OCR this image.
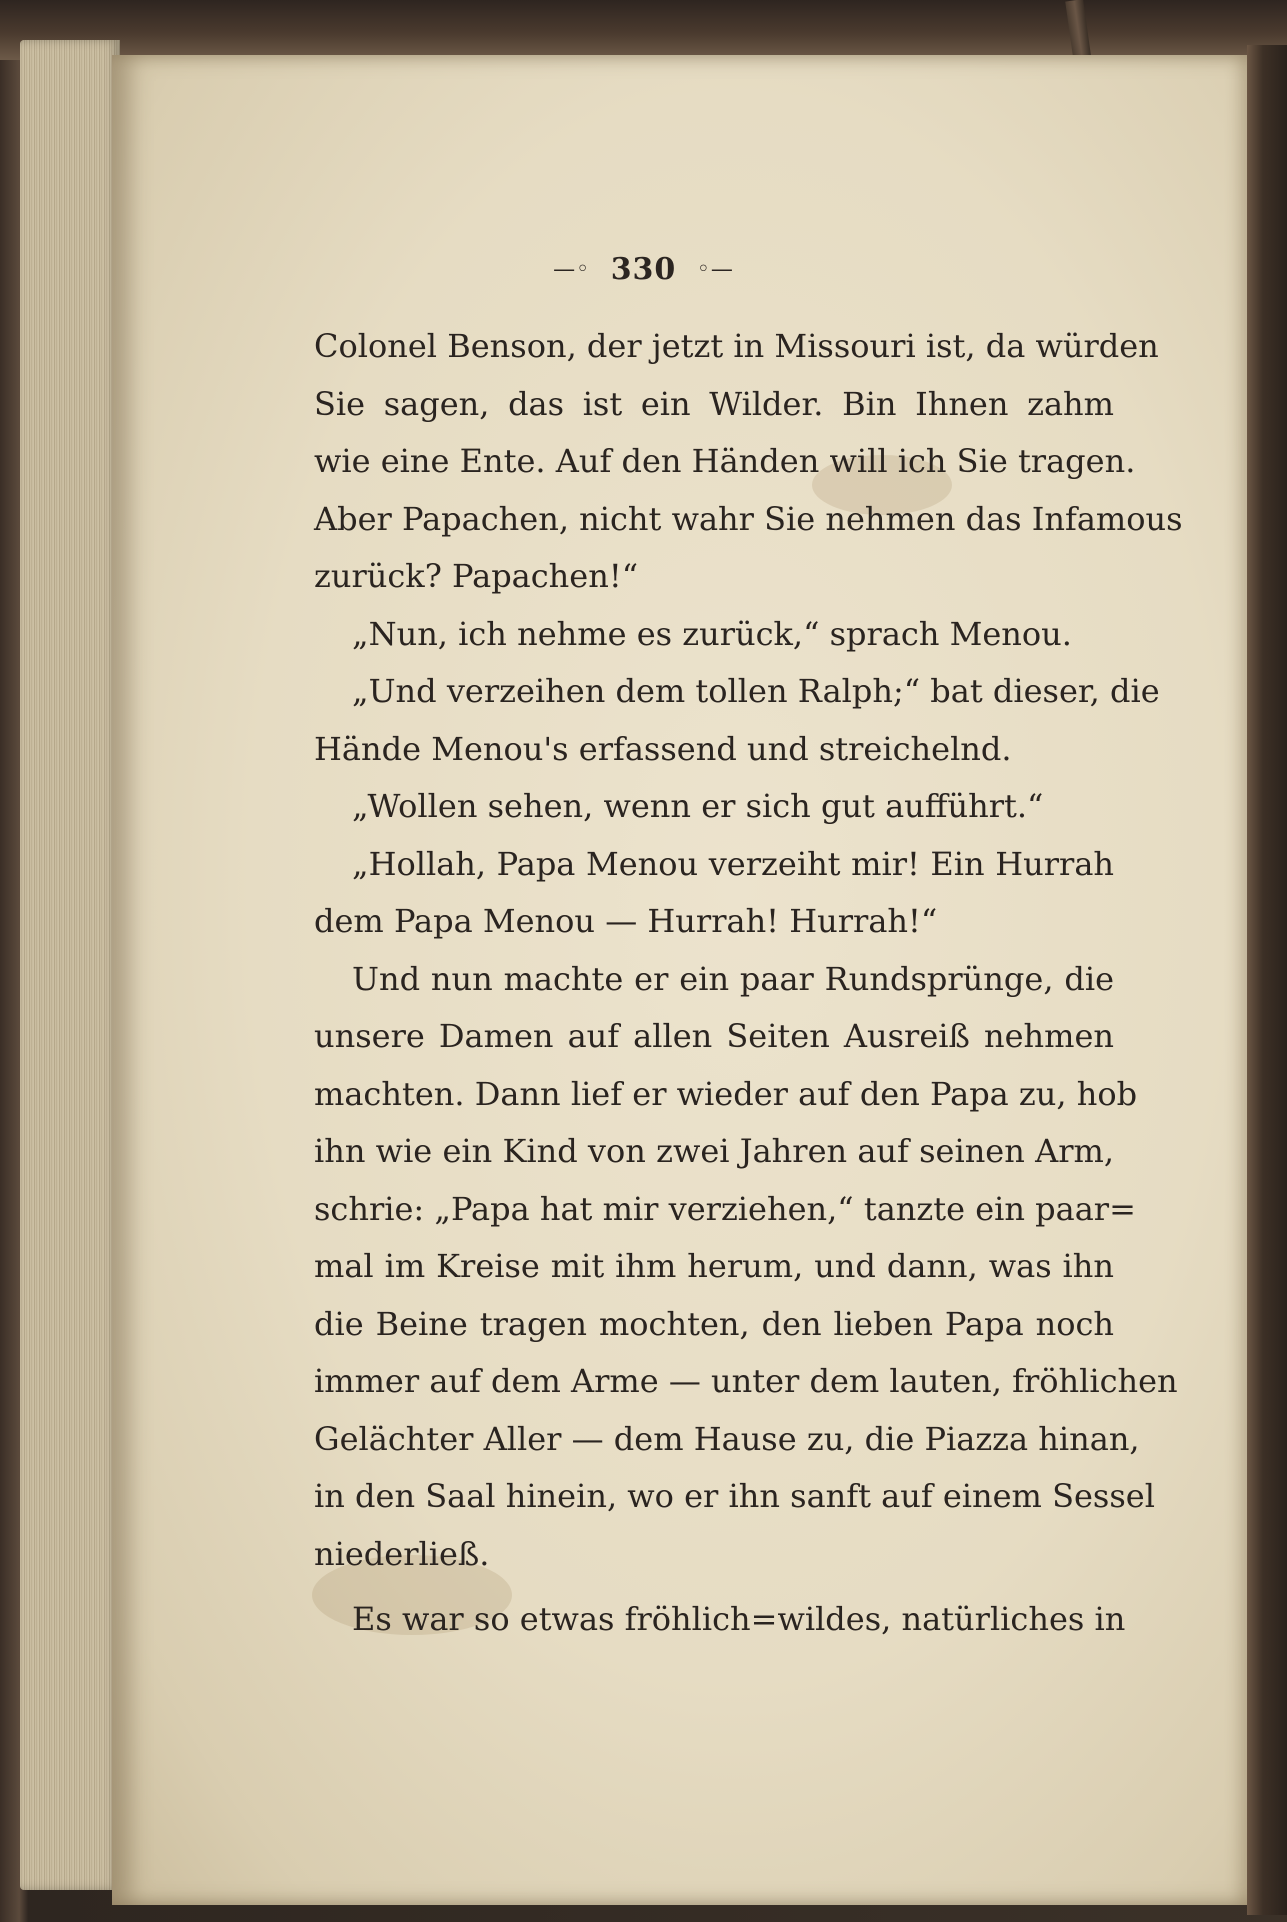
—◦ 330 ◦—
Colonel Benson, der jetzt in Missouri ist, da würden
Sie sagen, das ist ein Wilder. Bin Ihnen zahm
wie eine Ente. Auf den Händen will ich Sie tragen.
Aber Papachen, nicht wahr Sie nehmen das Infamous
zurück? Papachen!“
„Nun, ich nehme es zurück,“ sprach Menou.
„Und verzeihen dem tollen Ralph;“ bat dieser, die
Hände Menou's erfassend und streichelnd.
„Wollen sehen, wenn er sich gut aufführt.“
„Hollah, Papa Menou verzeiht mir! Ein Hurrah
dem Papa Menou — Hurrah! Hurrah!“
Und nun machte er ein paar Rundsprünge, die
unsere Damen auf allen Seiten Ausreiß nehmen
machten. Dann lief er wieder auf den Papa zu, hob
ihn wie ein Kind von zwei Jahren auf seinen Arm,
schrie: „Papa hat mir verziehen,“ tanzte ein paar=
mal im Kreise mit ihm herum, und dann, was ihn
die Beine tragen mochten, den lieben Papa noch
immer auf dem Arme — unter dem lauten, fröhlichen
Gelächter Aller — dem Hause zu, die Piazza hinan,
in den Saal hinein, wo er ihn sanft auf einem Sessel
niederließ.
Es war so etwas fröhlich=wildes, natürliches in
